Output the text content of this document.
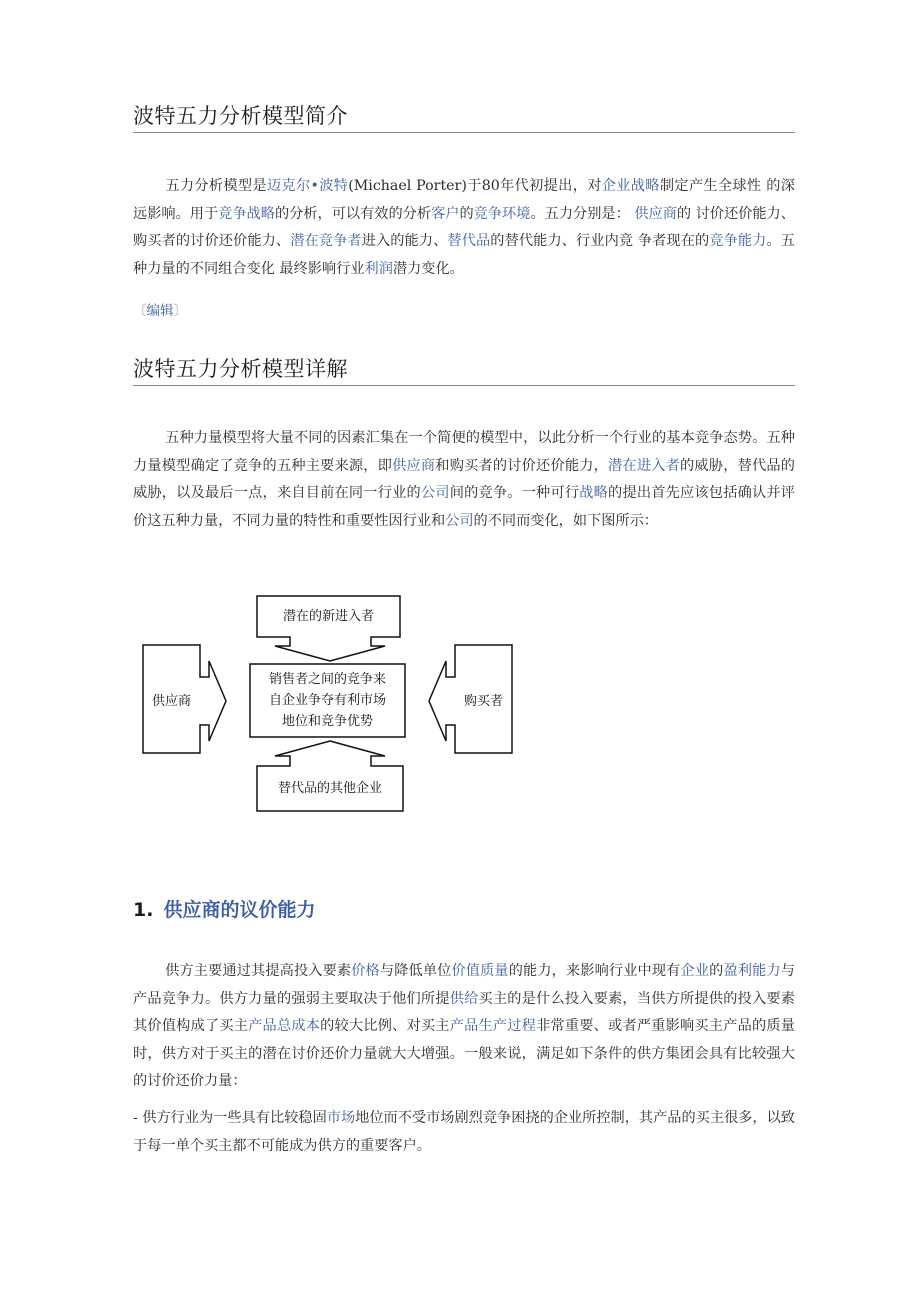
波特五力分析模型简介

五力分析模型是迈克尔•波特(Michael Porter)于80年代初提出，对企业战略制定产生全球性 的深远影响。用于竞争战略的分析，可以有效的分析客户的竞争环境。五力分别是： 供应商的 讨价还价能力、购买者的讨价还价能力、潜在竞争者进入的能力、替代品的替代能力、行业内竞 争者现在的竞争能力。五种力量的不同组合变化 最终影响行业利润潜力变化。

〔编辑〕
波特五力分析模型详解

五种力量模型将大量不同的因素汇集在一个简便的模型中，以此分析一个行业的基本竞争态势。五种力量模型确定了竞争的五种主要来源，即供应商和购买者的讨价还价能力，潜在进入者的威胁，替代品的威胁，以及最后一点，来自目前在同一行业的公司间的竞争。一种可行战略的提出首先应该包括确认并评价这五种力量，不同力量的特性和重要性因行业和公司的不同而变化，如下图所示：

潜在的新进入者
供应商	购买者
替代品的其他企业
销售者之间的竞争来
自企业争夺有利市场
地位和竞争优势
1. 供应商的议价能力

供方主要通过其提高投入要素价格与降低单位价值质量的能力，来影响行业中现有企业的盈利能力与产品竞争力。供方力量的强弱主要取决于他们所提供给买主的是什么投入要素，当供方所提供的投入要素其价值构成了买主产品总成本的较大比例、对买主产品生产过程非常重要、或者严重影响买主产品的质量时，供方对于买主的潜在讨价还价力量就大大增强。一般来说，满足如下条件的供方集团会具有比较强大的讨价还价力量：

- 供方行业为一些具有比较稳固市场地位而不受市场剧烈竞争困挠的企业所控制，其产品的买主很多，以致于每一单个买主都不可能成为供方的重要客户。
